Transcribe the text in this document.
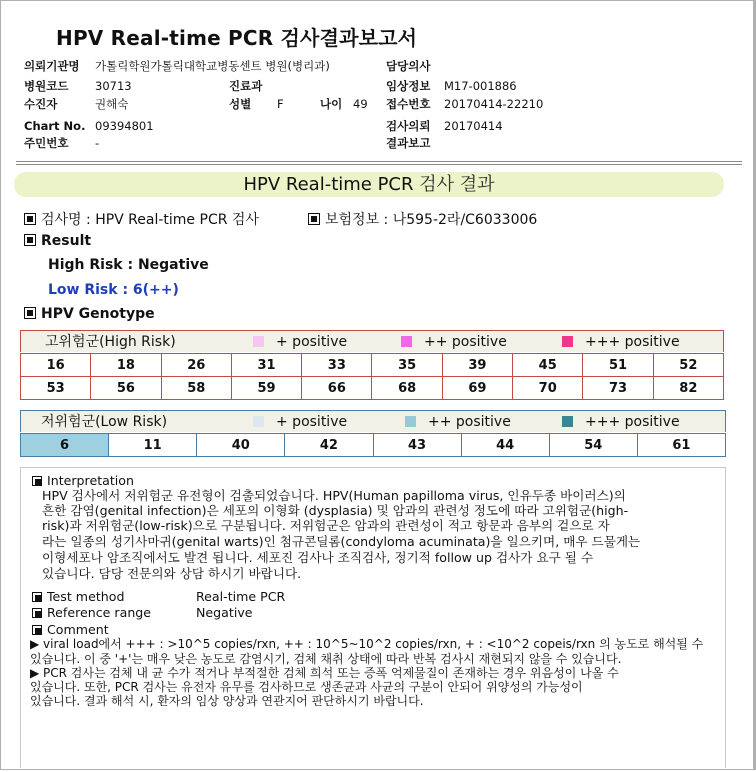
HPV Real-time PCR 검사결과보고서
의뢰기관명 가톨릭학원가톨릭대학교병동센트 병원(병리과)	담당의사
병원코드 30713	진료과	임상정보 M17-001886
수진자	권해숙	성별 F	나이 49 접수번호 20170414-22210
Chart No. 09394801	검사의뢰 20170414
주민번호 -	결과보고
HPV Real-time PCR 검사 결과
검사명 : HPV Real-time PCR 검사	보험정보 : 나595-2라/C6033006
Result
High Risk : Negative
Low Risk : 6(++)
HPV Genotype
고위험군(High Risk)	+ positive	++ positive	+++ positive
16	18	26	31	33	35	39	45	51	52
53	56	58	59	66	68	69	70	73	82
저위험군(Low Risk)	+ positive	++ positive	+++ positive
6	11	40	42	43	44	54	61
Interpretation
HPV 검사에서 저위험군 유전형이 검출되었습니다. HPV(Human papilloma virus, 인유두종 바이러스)의
흔한 감염(genital infection)은 세포의 이형화 (dysplasia) 및 암과의 관련성 정도에 따라 고위험군(high-
risk)과 저위험군(low-risk)으로 구분됩니다. 저위험군은 암과의 관련성이 적고 항문과 음부의 겉으로 자
라는 일종의 성기사마귀(genital warts)인 첨규콘딜롬(condyloma acuminata)을 일으키며, 매우 드물게는
이형세포나 암조직에서도 발견 됩니다. 세포진 검사나 조직검사, 정기적 follow up 검사가 요구 될 수
있습니다. 담당 전문의와 상담 하시기 바랍니다.
Test method	Real-time PCR
Reference range	Negative
Comment
▶ viral load에서 +++ : >10^5 copies/rxn, ++ : 10^5~10^2 copies/rxn, + : <10^2 copeis/rxn 의 농도로 해석될 수
있습니다. 이 중 '+'는 매우 낮은 농도로 감염시기, 검체 채취 상태에 따라 반복 검사시 재현되지 않을 수 있습니다.
▶ PCR 검사는 검체 내 균 수가 적거나 부적절한 검체 희석 또는 증폭 억제물질이 존재하는 경우 위음성이 나올 수
있습니다. 또한, PCR 검사는 유전자 유무를 검사하므로 생존균과 사균의 구분이 안되어 위양성의 가능성이
있습니다. 결과 해석 시, 환자의 임상 양상과 연관지어 판단하시기 바랍니다.
